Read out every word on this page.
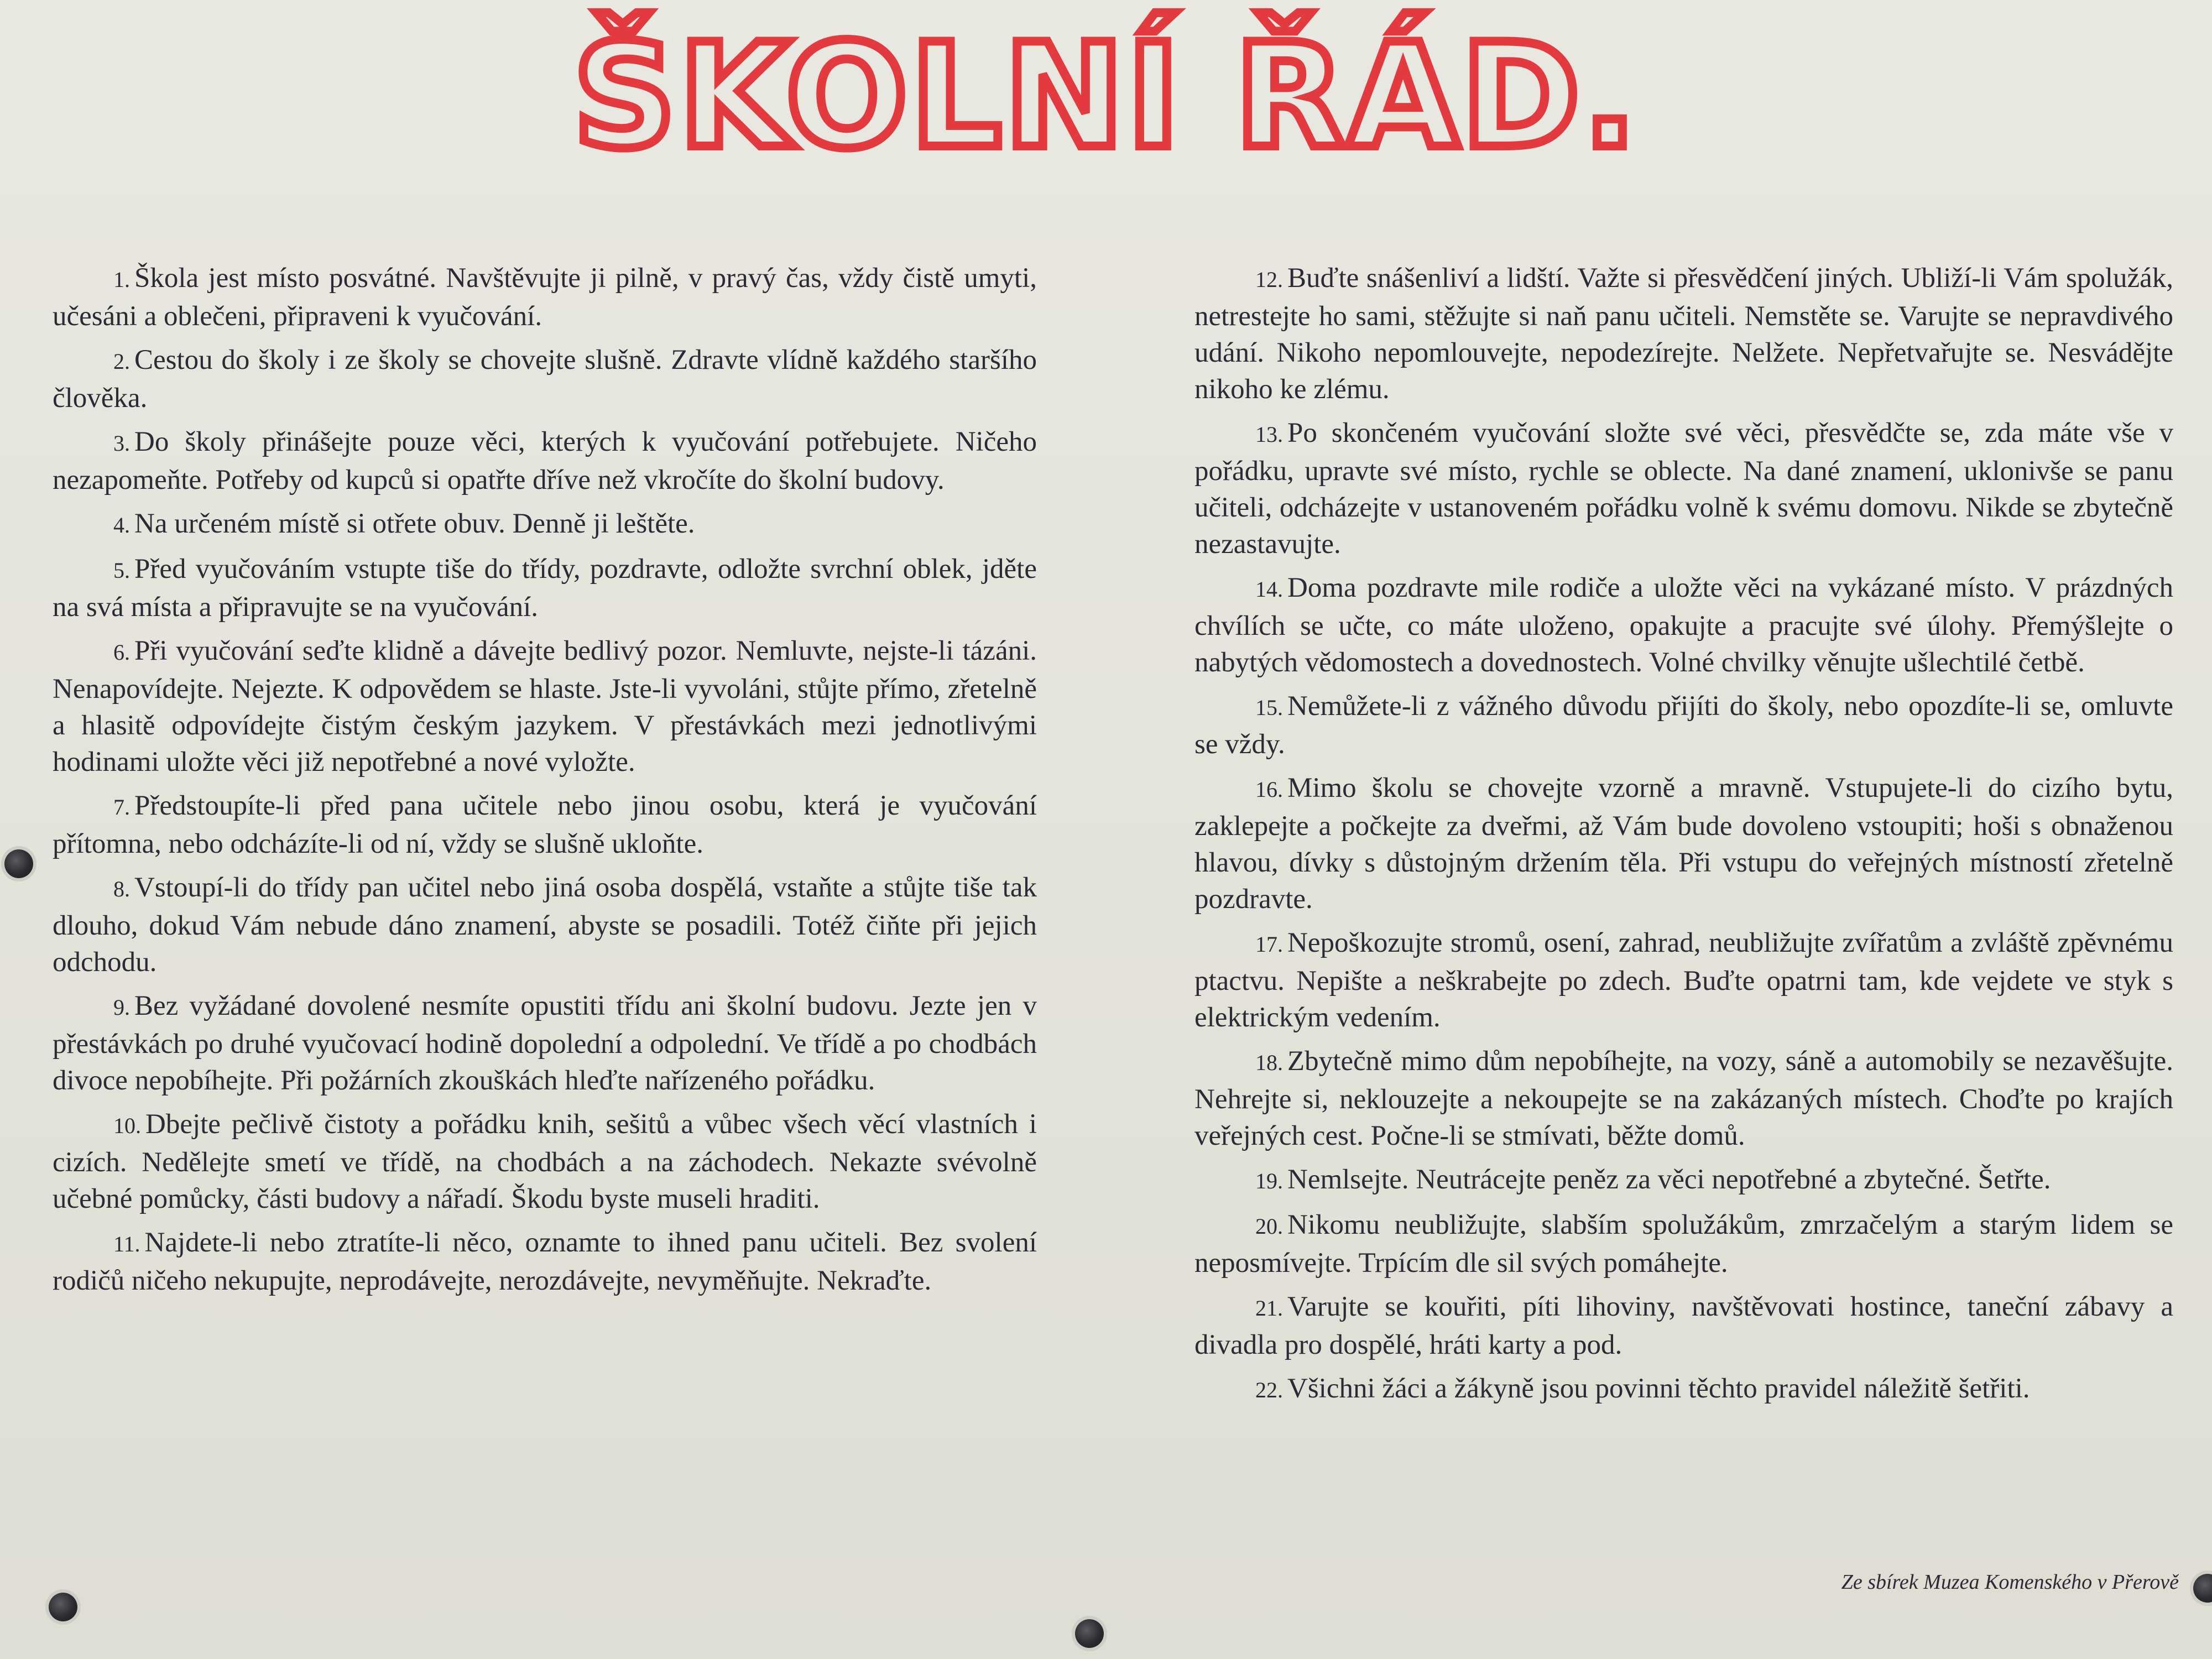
ŠKOLNÍ ŘÁD.

1. Škola jest místo posvátné. Navštěvujte ji pilně, v pravý čas, vždy čistě umyti, učesáni a oblečeni, připraveni k vyučování.

2. Cestou do školy i ze školy se chovejte slušně. Zdravte vlídně každého staršího člověka.

3. Do školy přinášejte pouze věci, kterých k vyučování potřebujete. Ničeho nezapomeňte. Potřeby od kupců si opatřte dříve než vkročíte do školní budovy.

4. Na určeném místě si otřete obuv. Denně ji leštěte.

5. Před vyučováním vstupte tiše do třídy, pozdravte, odložte svrchní oblek, jděte na svá místa a připravujte se na vyučování.

6. Při vyučování seďte klidně a dávejte bedlivý pozor. Nemluvte, nejste-li tázáni. Nenapovídejte. Nejezte. K odpovědem se hlaste. Jste-li vyvoláni, stůjte přímo, zřetelně a hlasitě odpovídejte čistým českým jazykem. V přestávkách mezi jednotlivými hodinami uložte věci již nepotřebné a nové vyložte.

7. Předstoupíte-li před pana učitele nebo jinou osobu, která je vyučování přítomna, nebo odcházíte-li od ní, vždy se slušně ukloňte.

8. Vstoupí-li do třídy pan učitel nebo jiná osoba dospělá, vstaňte a stůjte tiše tak dlouho, dokud Vám nebude dáno znamení, abyste se posadili. Totéž čiňte při jejich odchodu.

9. Bez vyžádané dovolené nesmíte opustiti třídu ani školní budovu. Jezte jen v přestávkách po druhé vyučovací hodině dopolední a odpolední. Ve třídě a po chodbách divoce nepobíhejte. Při požárních zkouškách hleďte nařízeného pořádku.

10. Dbejte pečlivě čistoty a pořádku knih, sešitů a vůbec všech věcí vlastních i cizích. Nedělejte smetí ve třídě, na chodbách a na záchodech. Nekazte svévolně učebné pomůcky, části budovy a nářadí. Škodu byste museli hraditi.

11. Najdete-li nebo ztratíte-li něco, oznamte to ihned panu učiteli. Bez svolení rodičů ničeho nekupujte, neprodávejte, nerozdávejte, nevyměňujte. Nekraďte.

12. Buďte snášenliví a lidští. Važte si přesvědčení jiných. Ubliží-li Vám spolužák, netrestejte ho sami, stěžujte si naň panu učiteli. Nemstěte se. Varujte se nepravdivého udání. Nikoho nepomlouvejte, nepodezírejte. Nelžete. Nepřetvařujte se. Nesváděјte nikoho ke zlému.

13. Po skončeném vyučování složte své věci, přesvědčte se, zda máte vše v pořádku, upravte své místo, rychle se oblecte. Na dané znamení, uklonivše se panu učiteli, odcházejte v ustanoveném pořádku volně k svému domovu. Nikde se zbytečně nezastavujte.

14. Doma pozdravte mile rodiče a uložte věci na vykázané místo. V prázdných chvílích se učte, co máte uloženo, opakujte a pracujte své úlohy. Přemýšlejte o nabytých vědomostech a dovednostech. Volné chvilky věnujte ušlechtilé četbě.

15. Nemůžete-li z vážného důvodu přijíti do školy, nebo opozdíte-li se, omluvte se vždy.

16. Mimo školu se chovejte vzorně a mravně. Vstupujete-li do cizího bytu, zaklepejte a počkejte za dveřmi, až Vám bude dovoleno vstoupiti; hoši s obnaženou hlavou, dívky s důstojným držením těla. Při vstupu do veřejných místností zřetelně pozdravte.

17. Nepoškozujte stromů, osení, zahrad, neubližujte zvířatům a zvláště zpěvnému ptactvu. Nepište a neškrabejte po zdech. Buďte opatrni tam, kde vejdete ve styk s elektrickým vedením.

18. Zbytečně mimo dům nepobíhejte, na vozy, sáně a automobily se nezavěšujte. Nehrejte si, neklouzejte a nekoupejte se na zakázaných místech. Choďte po krajích veřejných cest. Počne-li se stmívati, běžte domů.

19. Nemlsejte. Neutrácejte peněz za věci nepotřebné a zbytečné. Šetřte.

20. Nikomu neubližujte, slabším spolužákům, zmrzačelým a starým lidem se neposmívejte. Trpícím dle sil svých pomáhejte.

21. Varujte se kouřiti, píti lihoviny, navštěvovati hostince, taneční zábavy a divadla pro dospělé, hráti karty a pod.

22. Všichni žáci a žákyně jsou povinni těchto pravidel náležitě šetřiti.

Ze sbírek Muzea Komenského v Přerově
